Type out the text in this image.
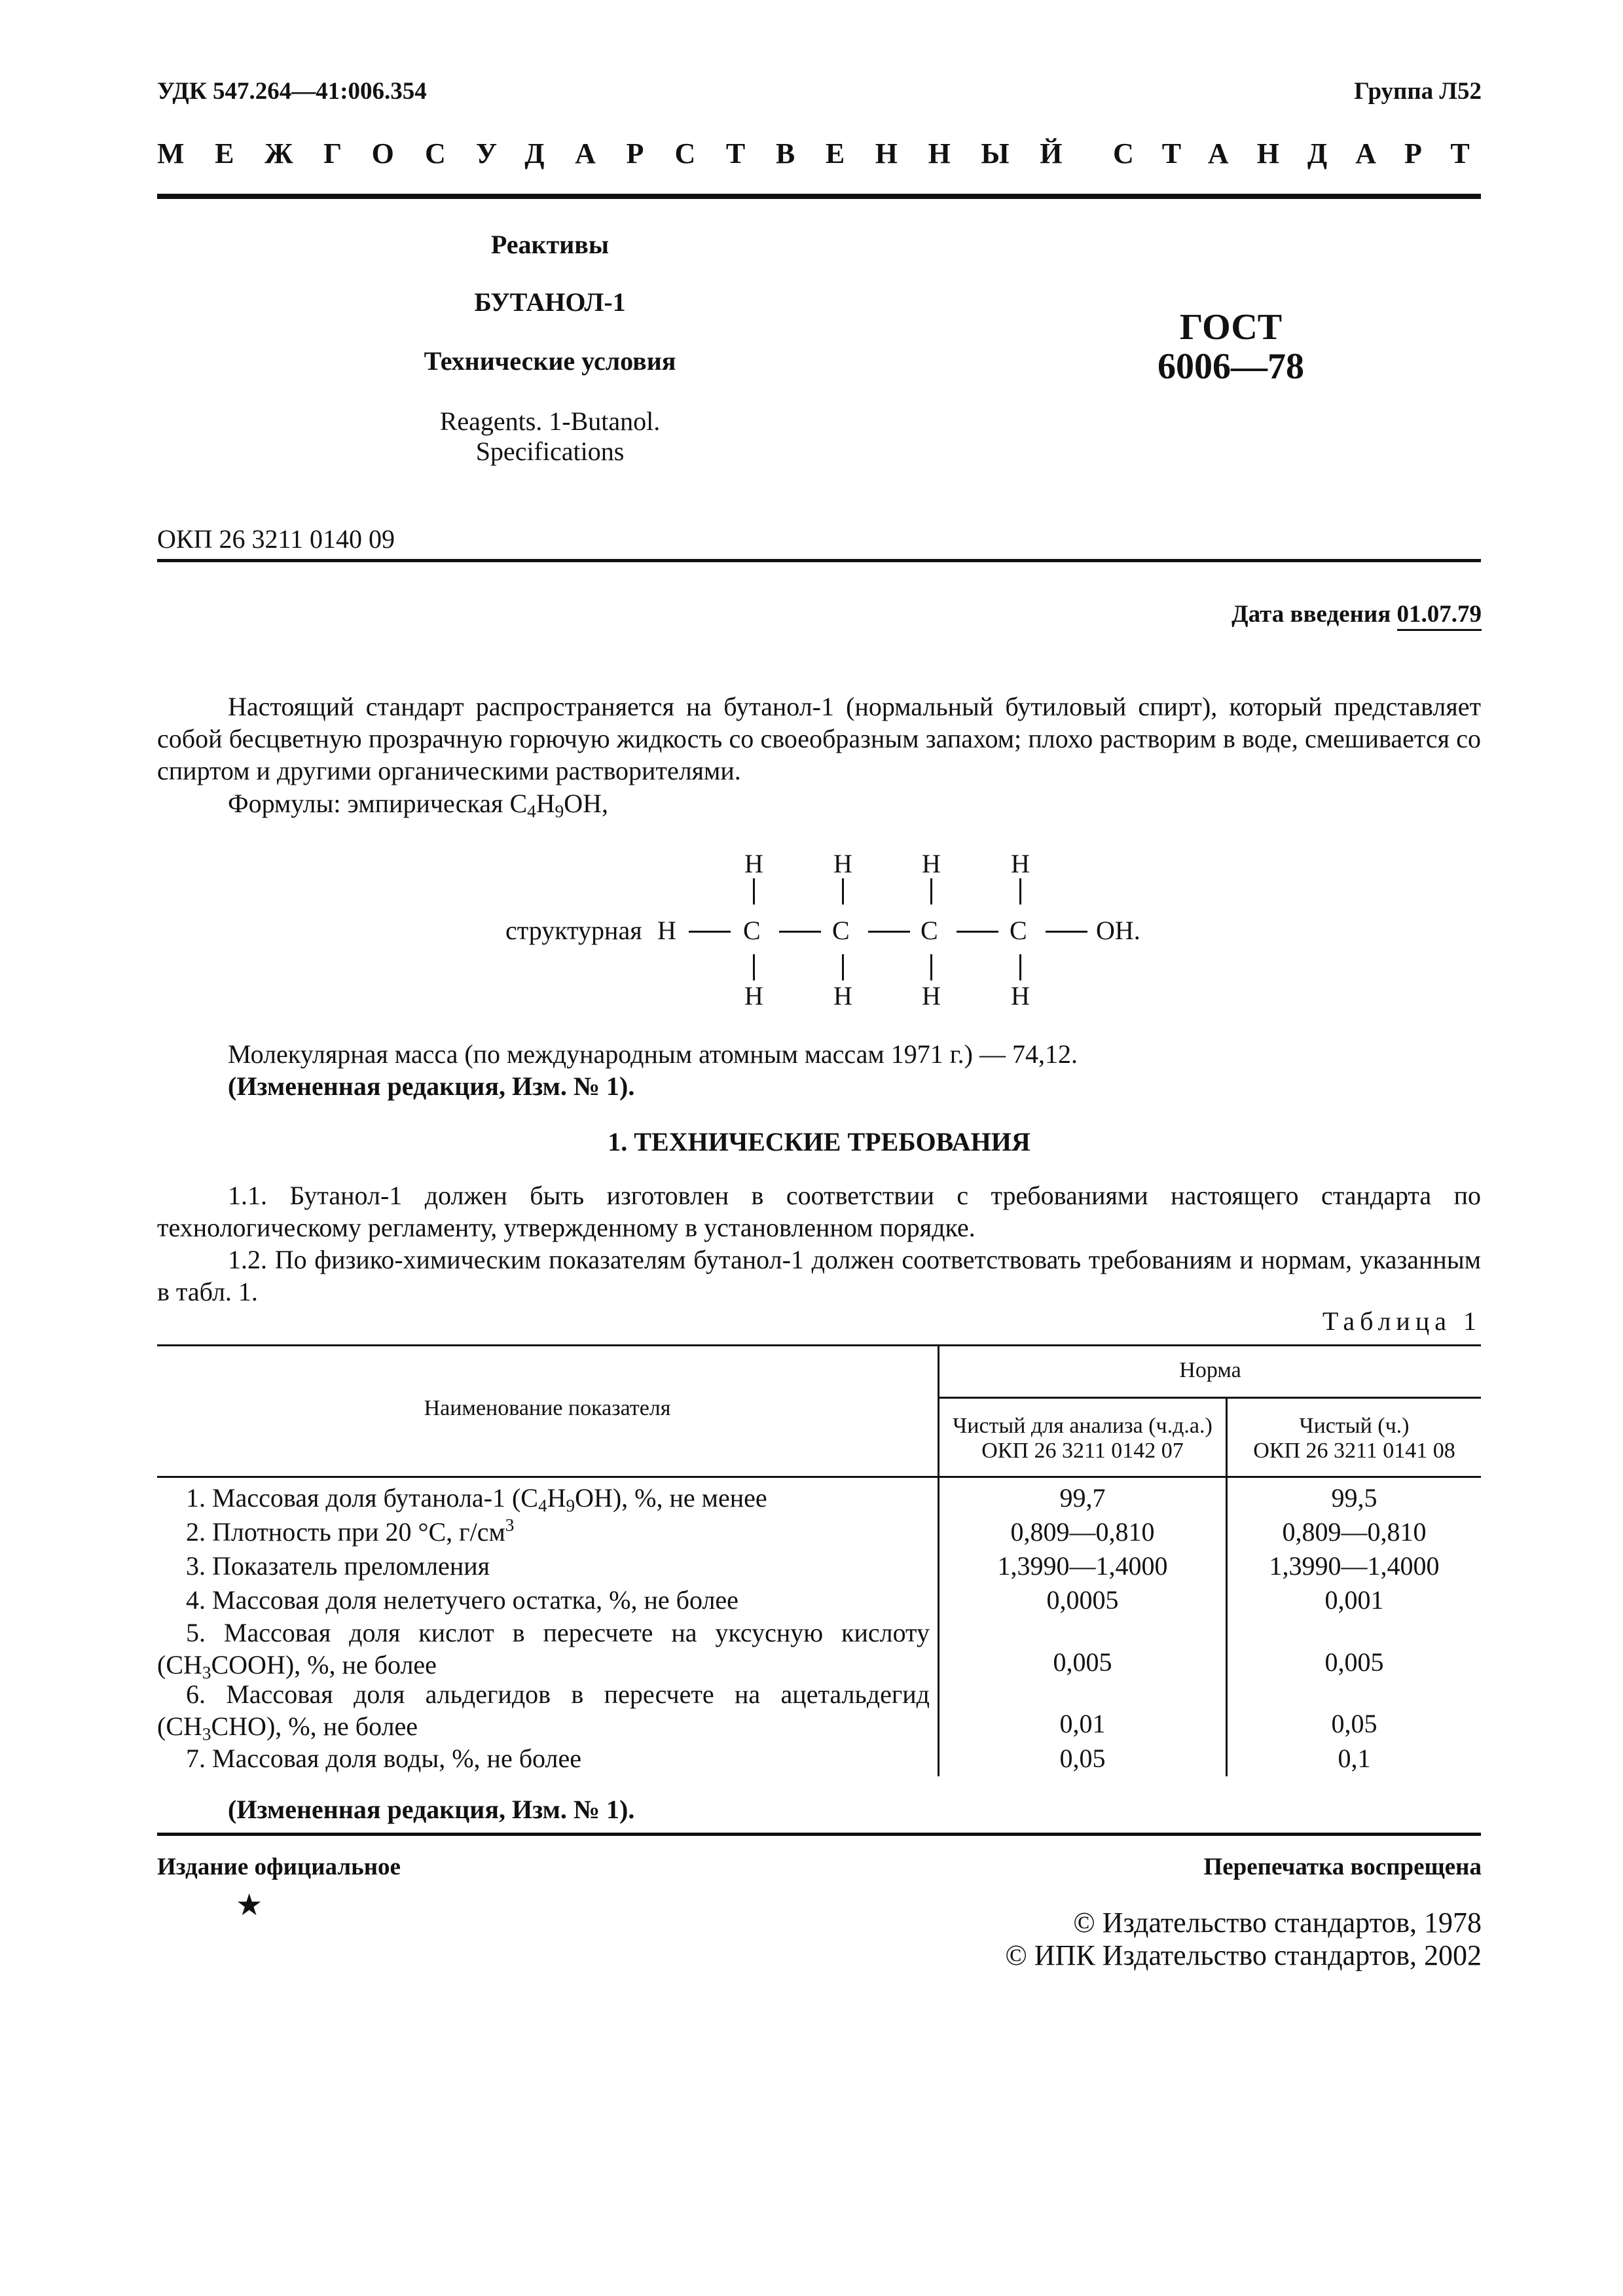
УДК 547.264—41:006.354	Группа Л52
МЕЖГОСУДАРСТВЕННЫЙ СТАНДАРТ
Реактивы
БУТАНОЛ-1
Технические условия
Reagents. 1-Butanol.
Specifications
ГОСТ
6006—78
ОКП 26 3211 0140 09
Дата введения 01.07.79
Настоящий стандарт распространяется на бутанол-1 (нормальный бутиловый спирт), который представляет собой бесцветную прозрачную горючую жидкость со своеобразным запахом; плохо растворим в воде, смешивается со спиртом и другими органическими растворителями.
Формулы: эмпирическая $C_4H_9OH$,
структурная H	C	C	C	C	OH.
H	H	H	H
H	H	H	H
Молекулярная масса (по международным атомным массам 1971 г.) — 74,12.
(Измененная редакция, Изм. № 1).
1. ТЕХНИЧЕСКИЕ ТРЕБОВАНИЯ
1.1. Бутанол-1 должен быть изготовлен в соответствии с требованиями настоящего стандарта по технологическому регламенту, утвержденному в установленном порядке.
1.2. По физико-химическим показателям бутанол-1 должен соответствовать требованиям и нормам, указанным в табл. 1.
Таблица 1
Наименование показателя
Норма
Чистый для анализа (ч.д.а.)
ОКП 26 3211 0142 07
Чистый (ч.)
ОКП 26 3211 0141 08
1. Массовая доля бутанола-1 $(C_4H_9OH)$, %, не менее	99,7	99,5
2. Плотность при 20 °С, $г/см^3$	0,809—0,810	0,809—0,810
3. Показатель преломления	1,3990—1,4000	1,3990—1,4000
4. Массовая доля нелетучего остатка, %, не более	0,0005	0,001
5. Массовая доля кислот в пересчете на уксусную кислоту
$(CH_3COOH)$, %, не более	0,005	0,005
6. Массовая доля альдегидов в пересчете на ацетальдегид
$(CH_3CHO)$, %, не более	0,01	0,05
7. Массовая доля воды, %, не более	0,05	0,1
(Измененная редакция, Изм. № 1).
Издание официальное	Перепечатка воспрещена
★
© Издательство стандартов, 1978
© ИПК Издательство стандартов, 2002
